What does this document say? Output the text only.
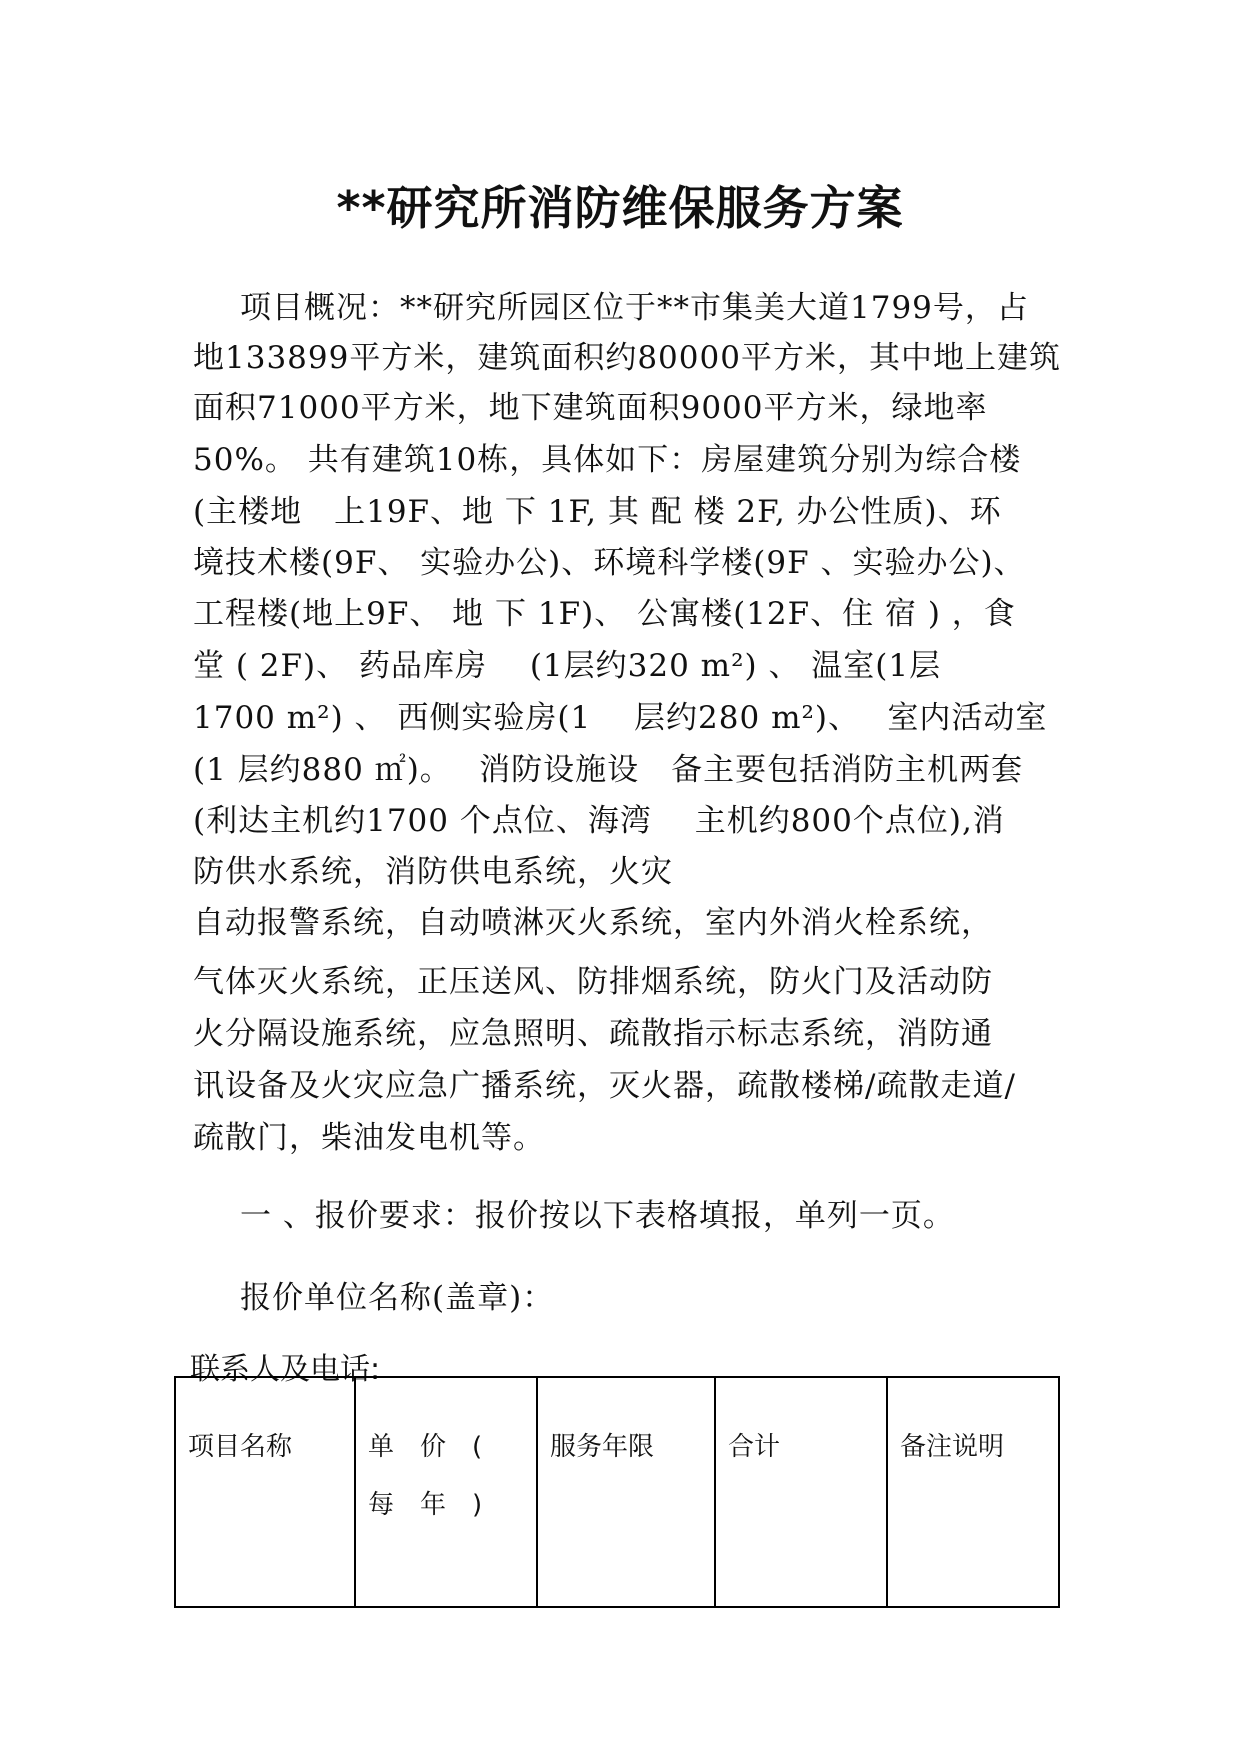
**研究所消防维保服务方案
项目概况：**研究所园区位于**市集美大道1799号，占
地133899平方米，建筑面积约80000平方米，其中地上建筑
面积71000平方米，地下建筑面积9000平方米，绿地率
50%。 共有建筑10栋，具体如下：房屋建筑分别为综合楼
(主楼地　上19F、地 下 1F, 其 配 楼 2F, 办公性质)、环
境技术楼(9F、 实验办公)、环境科学楼(9F 、实验办公)、
工程楼(地上9F、 地 下 1F)、 公寓楼(12F、住 宿 ) ，食
堂 ( 2F)、 药品库房　 (1层约320 m²) 、 温室(1层
1700 m²) 、 西侧实验房(1　 层约280 m²)、　 室内活动室
(1 层约880 ㎡)。　 消防设施设　备主要包括消防主机两套
(利达主机约1700 个点位、海湾　 主机约800个点位),消
防供水系统，消防供电系统，火灾
自动报警系统，自动喷淋灭火系统，室内外消火栓系统，
气体灭火系统，正压送风、防排烟系统，防火门及活动防
火分隔设施系统，应急照明、疏散指示标志系统，消防通
讯设备及火灾应急广播系统，灭火器，疏散楼梯/疏散走道/
疏散门，柴油发电机等。
一 、报价要求：报价按以下表格填报，单列一页。
报价单位名称(盖章)：
联系人及电话:
项目名称	单　价　(　每　年　)	服务年限	合计	备注说明
